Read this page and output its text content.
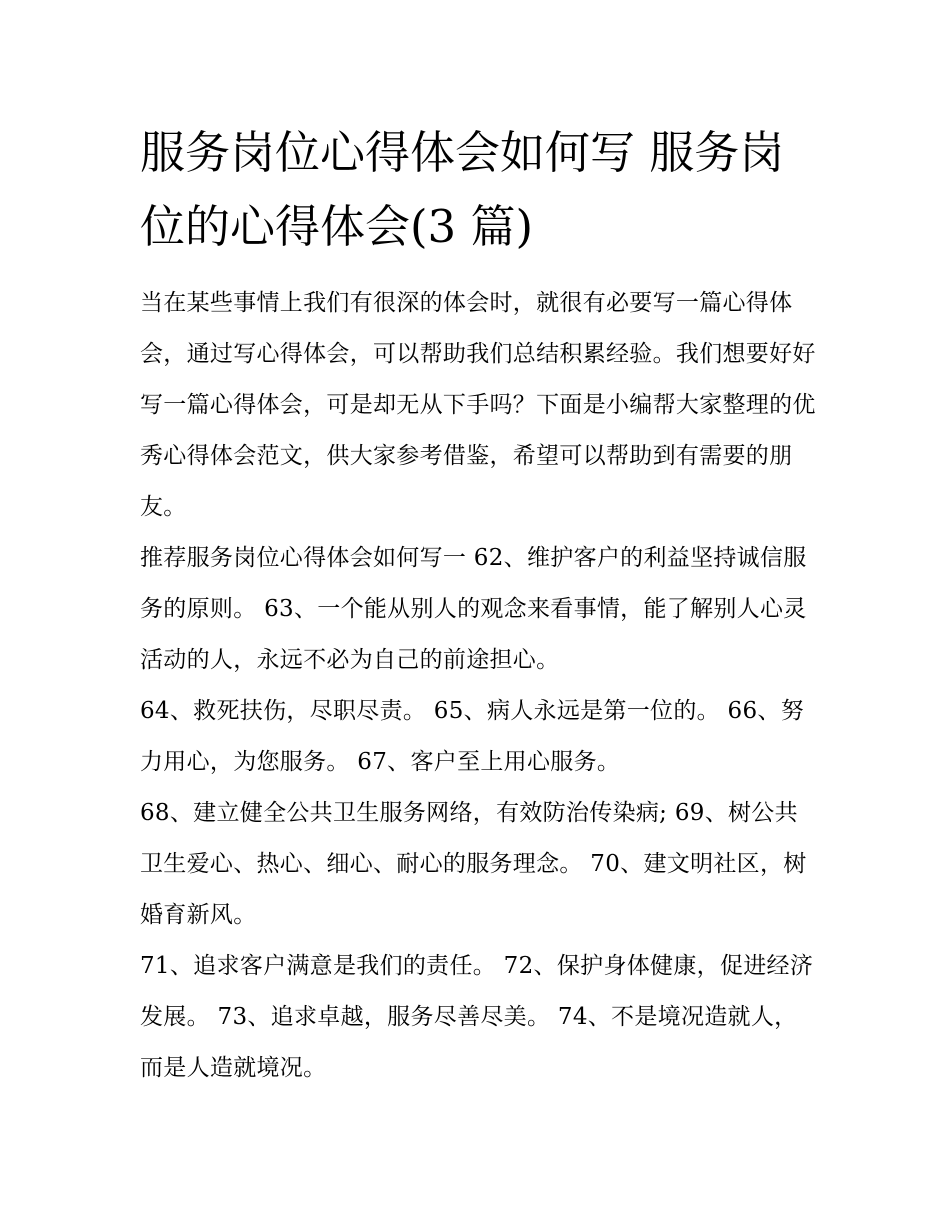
服务岗位心得体会如何写 服务岗位的心得体会(3 篇)

当在某些事情上我们有很深的体会时，就很有必要写一篇心得体会，通过写心得体会，可以帮助我们总结积累经验。我们想要好好写一篇心得体会，可是却无从下手吗？下面是小编帮大家整理的优秀心得体会范文，供大家参考借鉴，希望可以帮助到有需要的朋友。

推荐服务岗位心得体会如何写一 62、维护客户的利益坚持诚信服务的原则。 63、一个能从别人的观念来看事情，能了解别人心灵活动的人，永远不必为自己的前途担心。

64、救死扶伤，尽职尽责。 65、病人永远是第一位的。 66、努力用心，为您服务。 67、客户至上用心服务。

68、建立健全公共卫生服务网络，有效防治传染病; 69、树公共卫生爱心、热心、细心、耐心的服务理念。 70、建文明社区，树婚育新风。

71、追求客户满意是我们的责任。 72、保护身体健康，促进经济发展。 73、追求卓越，服务尽善尽美。 74、不是境况造就人，而是人造就境况。
